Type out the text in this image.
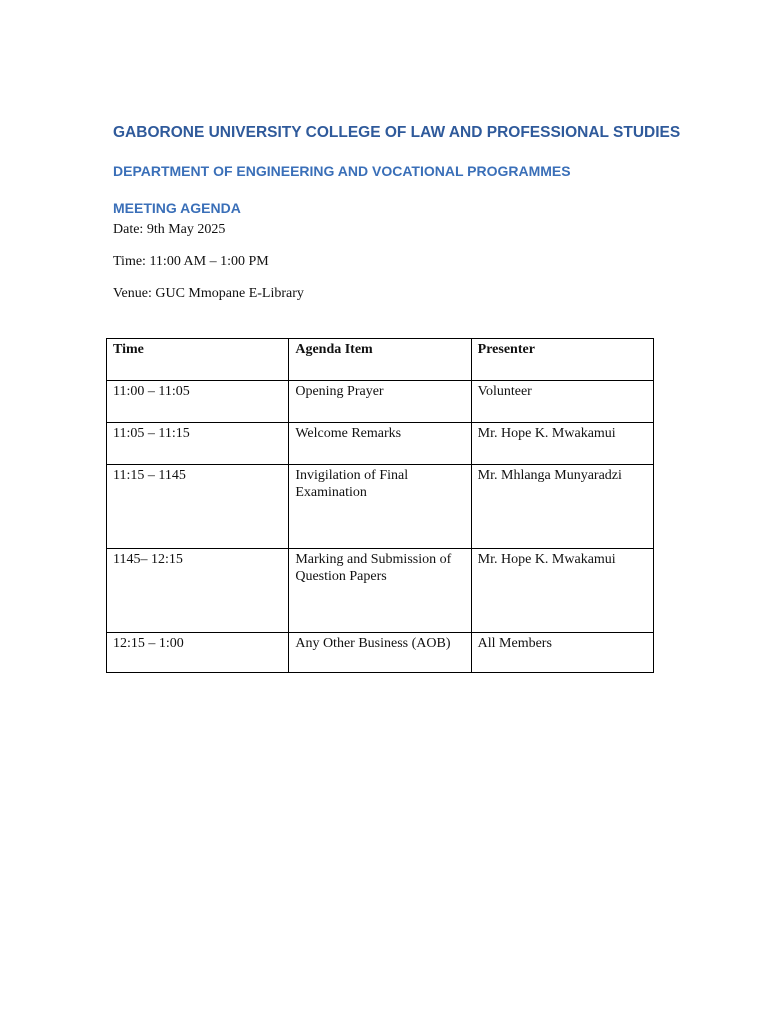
GABORONE UNIVERSITY COLLEGE OF LAW AND PROFESSIONAL STUDIES
DEPARTMENT OF ENGINEERING AND VOCATIONAL PROGRAMMES
MEETING AGENDA

Date: 9th May 2025

Time: 11:00 AM – 1:00 PM

Venue: GUC Mmopane E-Library

Time	Agenda Item	Presenter
11:00 – 11:05	Opening Prayer	Volunteer
11:05 – 11:15	Welcome Remarks	Mr. Hope K. Mwakamui
11:15 – 1145	Invigilation of Final Examination	Mr. Mhlanga Munyaradzi
1145– 12:15	Marking and Submission of Question Papers	Mr. Hope K. Mwakamui
12:15 – 1:00	Any Other Business (AOB)	All Members
